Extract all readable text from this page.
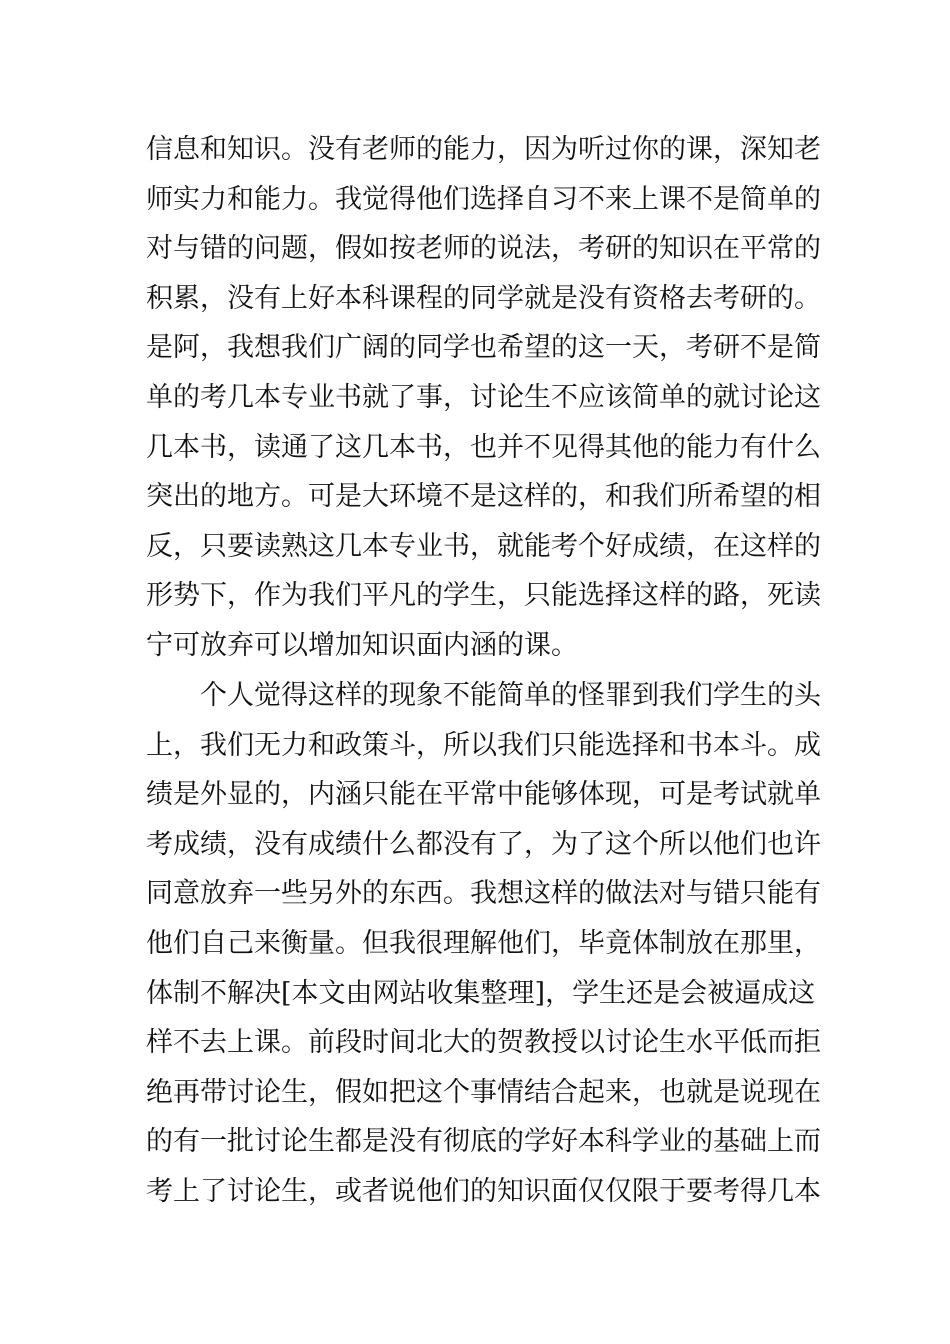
信息和知识。没有老师的能力，因为听过你的课，深知老
师实力和能力。我觉得他们选择自习不来上课不是简单的
对与错的问题，假如按老师的说法，考研的知识在平常的
积累，没有上好本科课程的同学就是没有资格去考研的。
是阿，我想我们广阔的同学也希望的这一天，考研不是简
单的考几本专业书就了事，讨论生不应该简单的就讨论这
几本书，读通了这几本书，也并不见得其他的能力有什么
突出的地方。可是大环境不是这样的，和我们所希望的相
反，只要读熟这几本专业书，就能考个好成绩，在这样的
形势下，作为我们平凡的学生，只能选择这样的路，死读
宁可放弃可以增加知识面内涵的课。
个人觉得这样的现象不能简单的怪罪到我们学生的头
上，我们无力和政策斗，所以我们只能选择和书本斗。成
绩是外显的，内涵只能在平常中能够体现，可是考试就单
考成绩，没有成绩什么都没有了，为了这个所以他们也许
同意放弃一些另外的东西。我想这样的做法对与错只能有
他们自己来衡量。但我很理解他们，毕竟体制放在那里，
体制不解决[本文由网站收集整理]，学生还是会被逼成这
样不去上课。前段时间北大的贺教授以讨论生水平低而拒
绝再带讨论生，假如把这个事情结合起来，也就是说现在
的有一批讨论生都是没有彻底的学好本科学业的基础上而
考上了讨论生，或者说他们的知识面仅仅限于要考得几本
